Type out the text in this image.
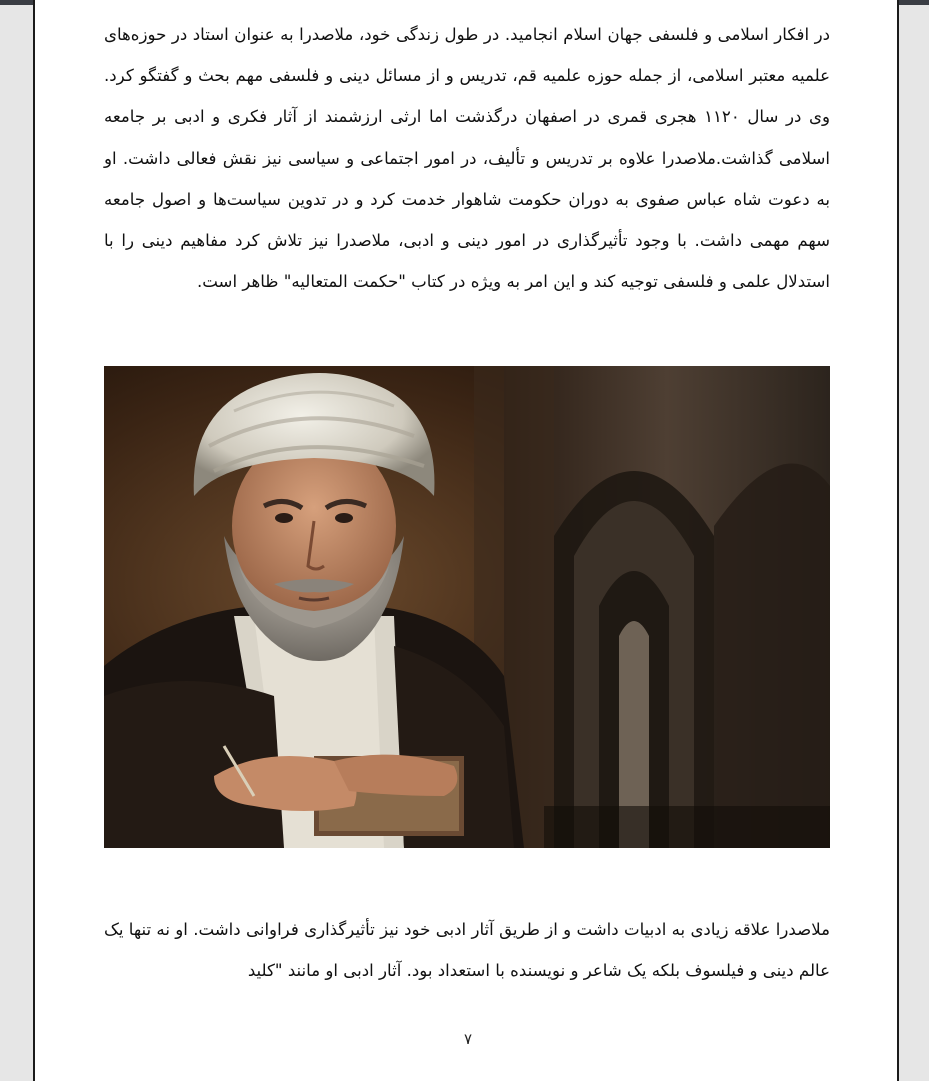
در افکار اسلامی و فلسفی جهان اسلام انجامید. در طول زندگی خود، ملاصدرا به عنوان استاد در حوزه‌های علمیه معتبر اسلامی، از جمله حوزه علمیه قم، تدریس و از مسائل دینی و فلسفی مهم بحث و گفتگو کرد. وی در سال ۱۱۲۰ هجری قمری در اصفهان درگذشت اما ارثی ارزشمند از آثار فکری و ادبی بر جامعه اسلامی گذاشت.ملاصدرا علاوه بر تدریس و تألیف، در امور اجتماعی و سیاسی نیز نقش فعالی داشت. او به دعوت شاه عباس صفوی به دوران حکومت شاهوار خدمت کرد و در تدوین سیاست‌ها و اصول جامعه سهم مهمی داشت. با وجود تأثیرگذاری در امور دینی و ادبی، ملاصدرا نیز تلاش کرد مفاهیم دینی را با استدلال علمی و فلسفی توجیه کند و این امر به ویژه در کتاب "حکمت المتعالیه" ظاهر است.

ملاصدرا علاقه زیادی به ادبیات داشت و از طریق آثار ادبی خود نیز تأثیرگذاری فراوانی داشت. او نه تنها یک عالم دینی و فیلسوف بلکه یک شاعر و نویسنده با استعداد بود. آثار ادبی او مانند "کلید

۷
